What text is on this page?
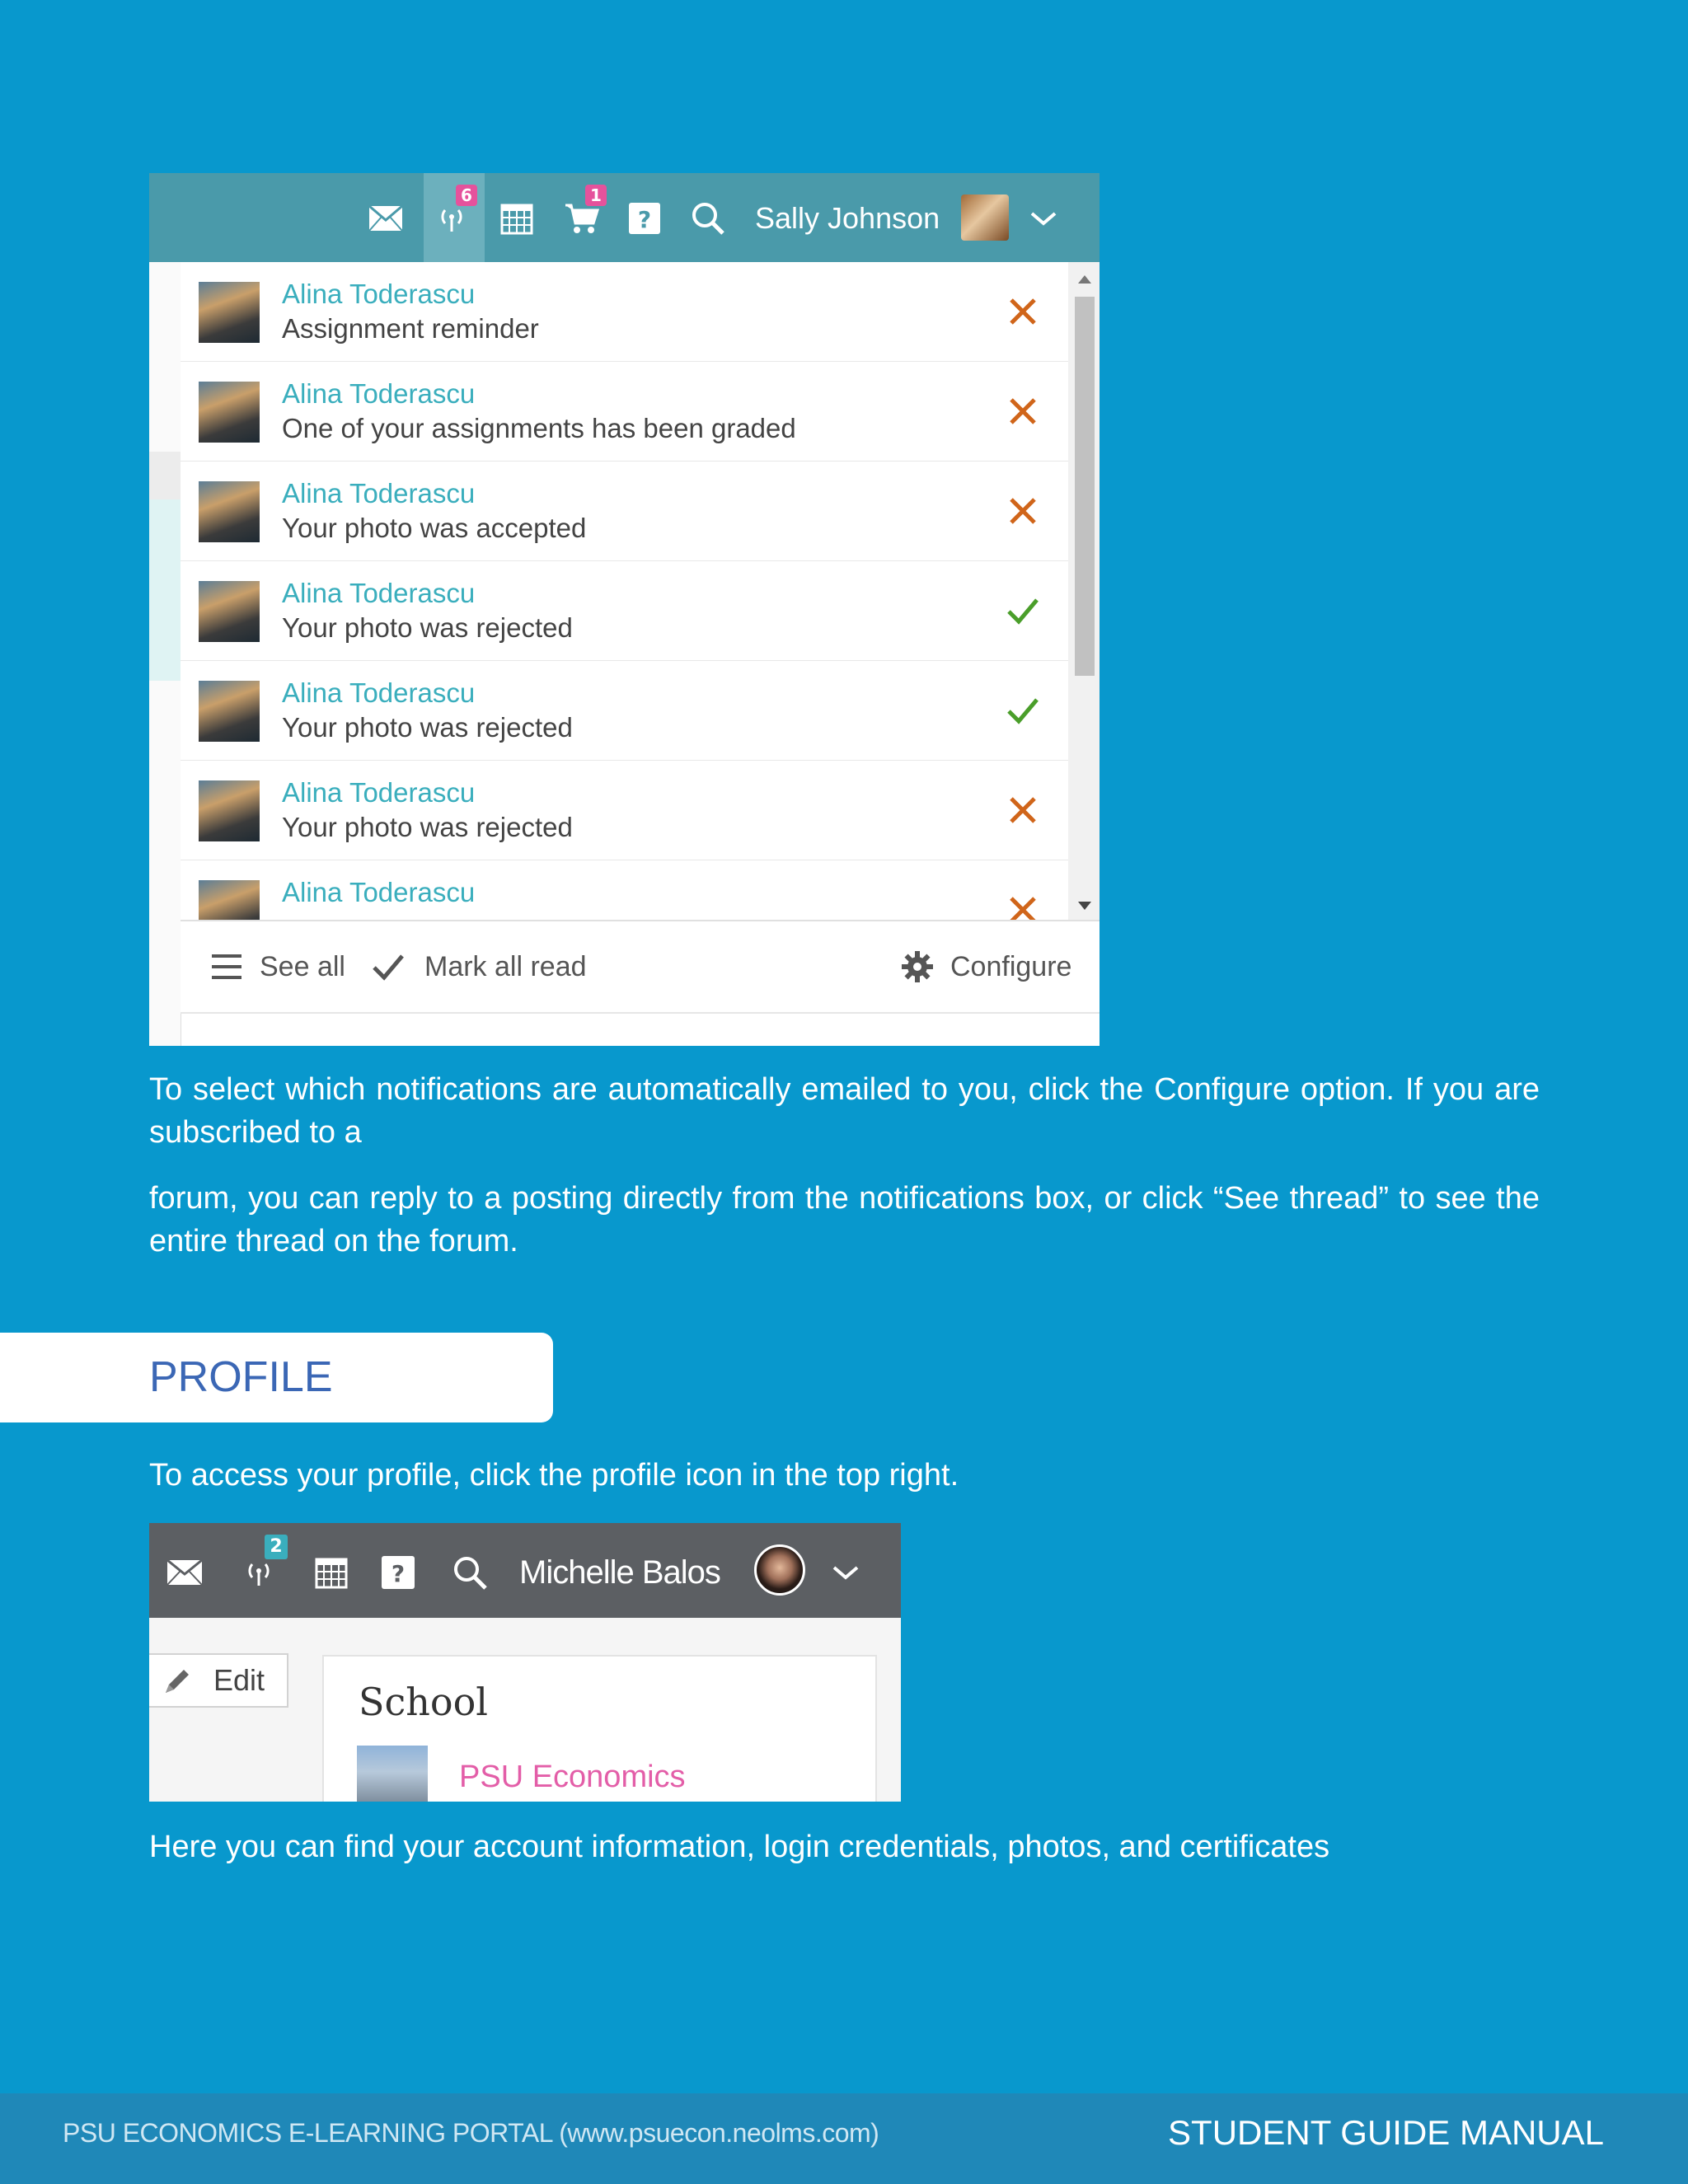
6	1
?	Sally Johnson
Alina Toderascu
Assignment reminder
Alina Toderascu
One of your assignments has been graded
Alina Toderascu
Your photo was accepted
Alina Toderascu
Your photo was rejected
Alina Toderascu
Your photo was rejected
Alina Toderascu
Your photo was rejected
Alina Toderascu
See all	Mark all read	Configure

To select which notifications are automatically emailed to you, click the Configure option. If you are subscribed to a

forum, you can reply to a posting directly from the notifications box, or click “See thread” to see the entire thread on the forum.

PROFILE

To access your profile, click the profile icon in the top right.

2
?	Michelle Balos
Edit School
PSU Economics

Here you can find your account information, login credentials, photos, and certificates

PSU ECONOMICS E-LEARNING PORTAL (www.psuecon.neolms.com)	STUDENT GUIDE MANUAL
